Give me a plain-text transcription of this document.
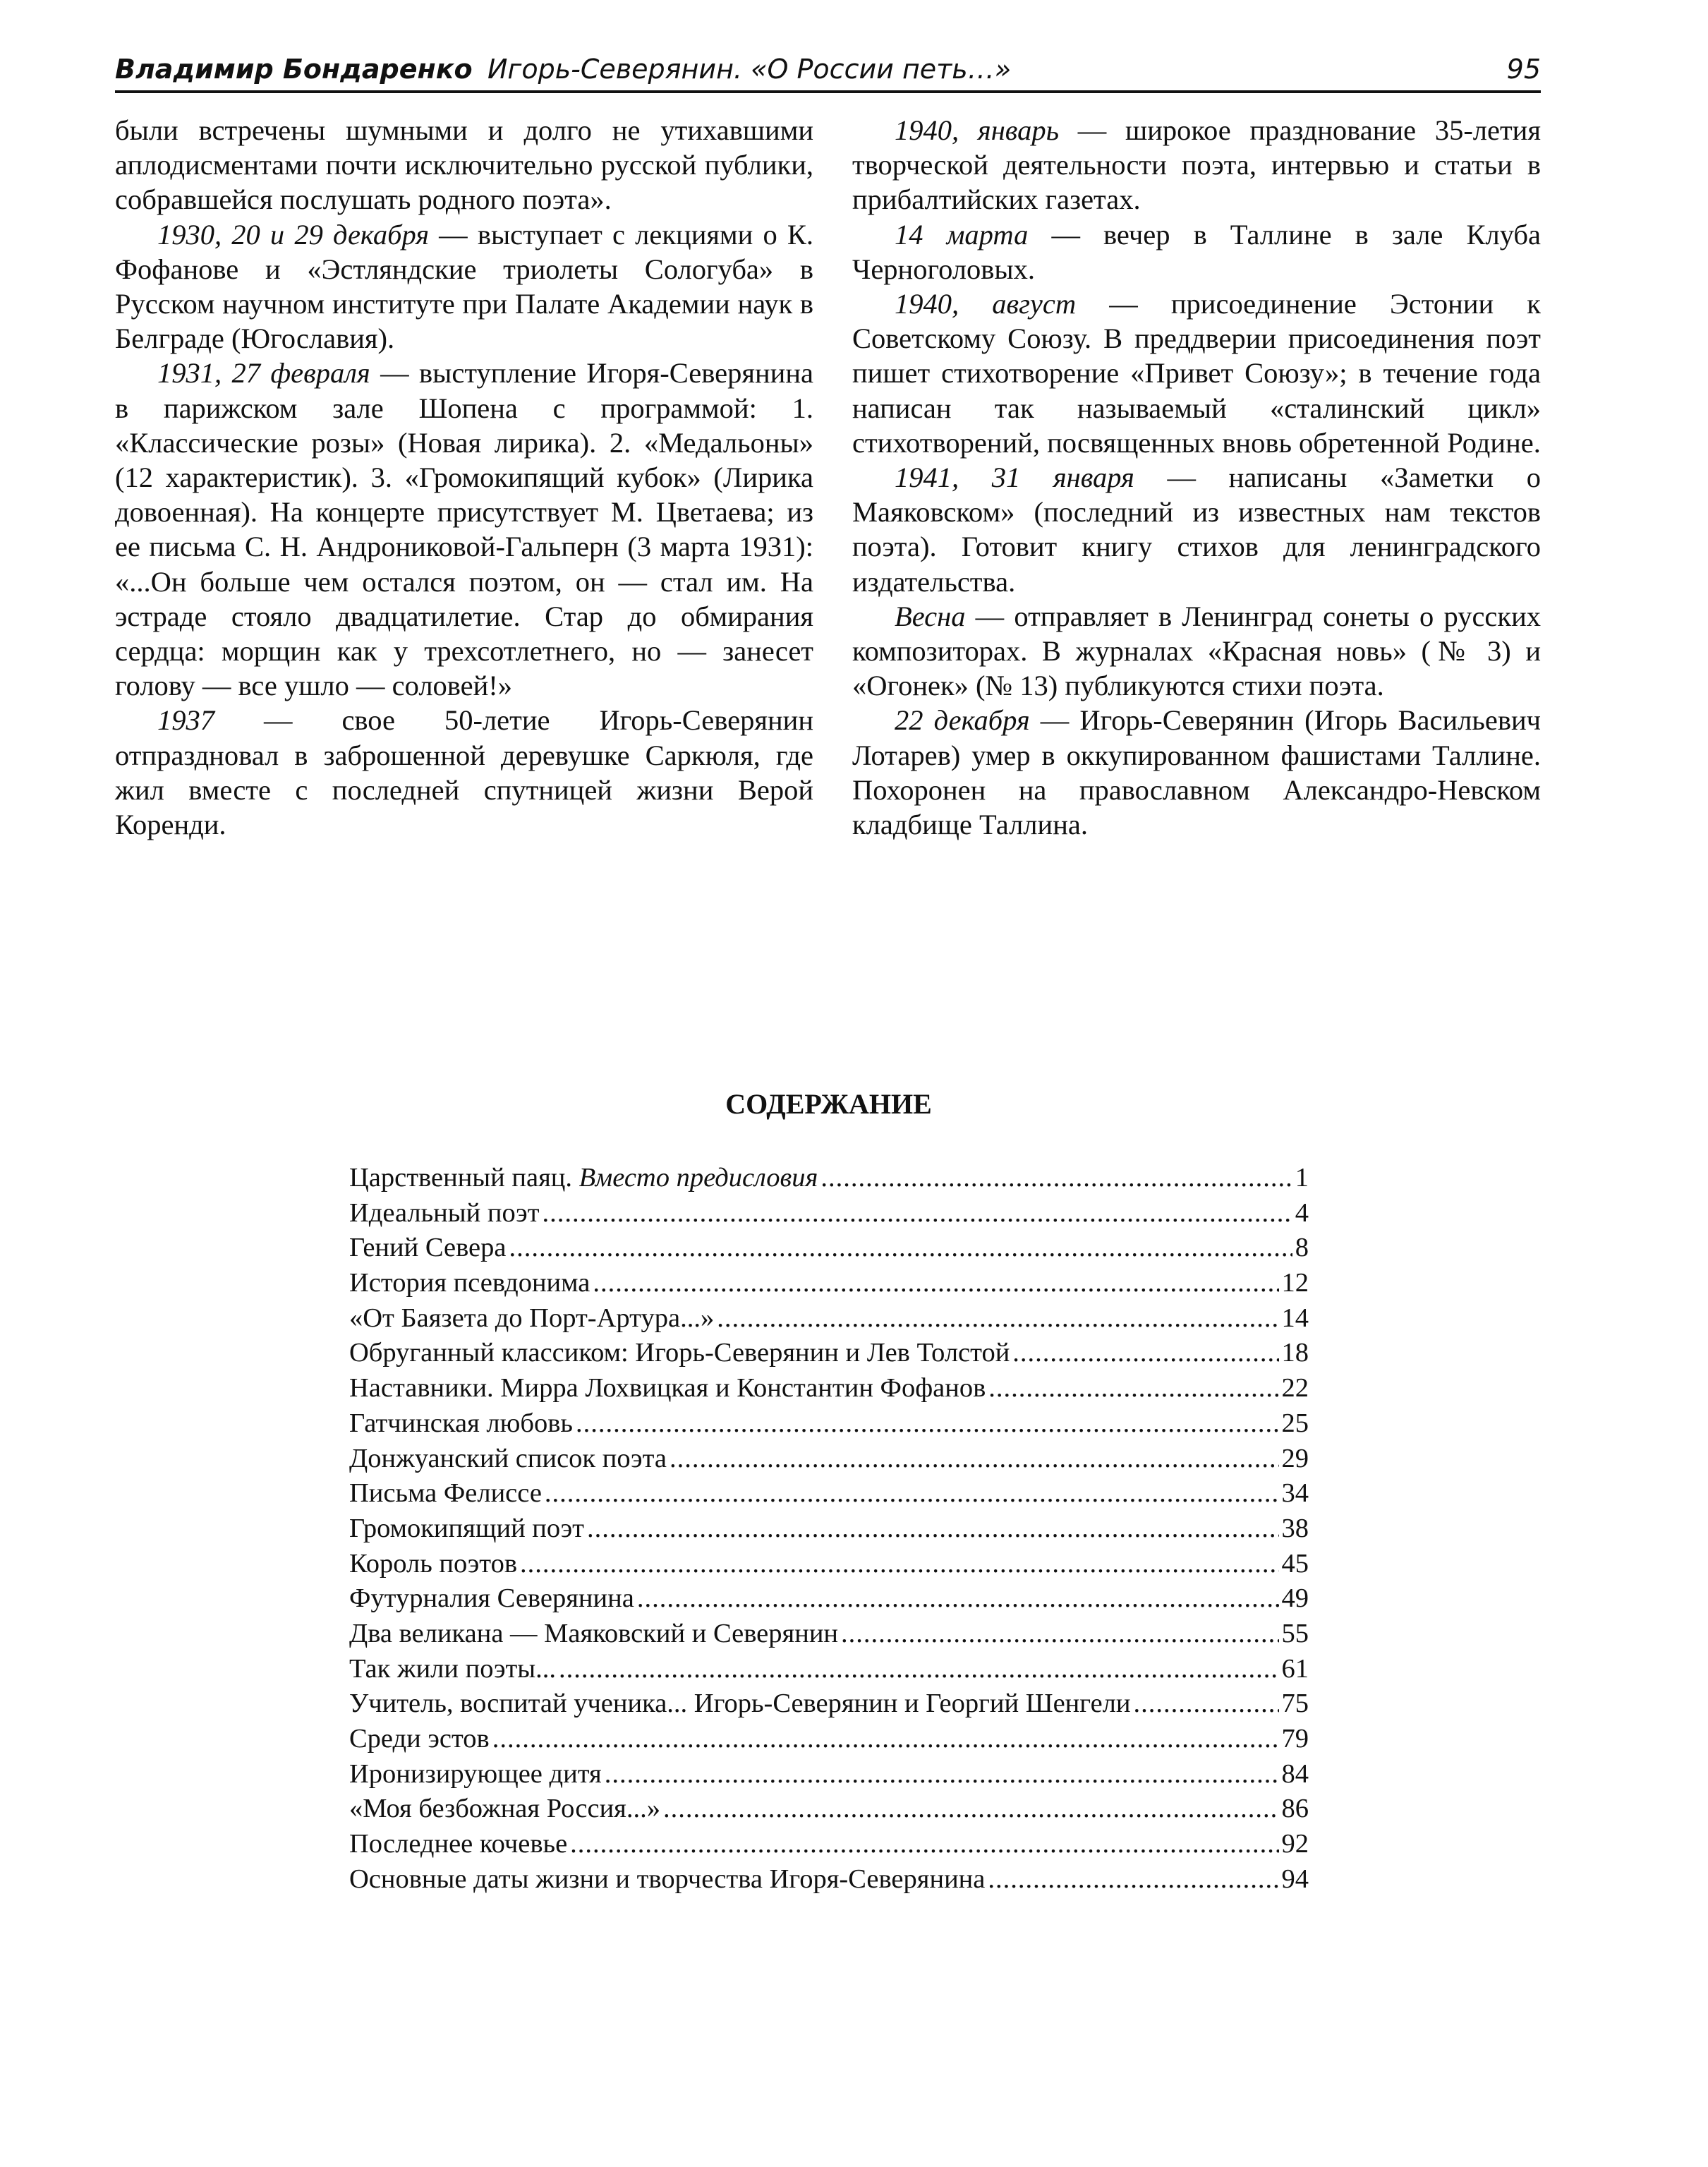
Владимир Бондаренко Игорь-Северянин. «О России петь…»	95

были встречены шумными и долго не утихавшими аплодисментами почти исключительно русской публики, собравшейся послушать родного поэта».

1930, 20 и 29 декабря — выступает с лекциями о К. Фофанове и «Эстляндские триолеты Сологуба» в Русском научном институте при Палате Академии наук в Белграде (Югославия).

1931, 27 февраля — выступление Игоря-Северянина в парижском зале Шопена с программой: 1. «Классические розы» (Новая лирика). 2. «Медальоны» (12 характеристик). 3. «Громокипящий кубок» (Лирика довоенная). На концерте присутствует М. Цветаева; из ее письма С. Н. Андрониковой-Гальперн (3 марта 1931): «...Он больше чем остался поэтом, он — стал им. На эстраде стояло двадцатилетие. Стар до обмирания сердца: морщин как у трехсотлетнего, но — занесет голову — все ушло — соловей!»

1937 — свое 50-летие Игорь-Северянин отпраздновал в заброшенной деревушке Саркюля, где жил вместе с последней спутницей жизни Верой Коренди.

1940, январь — широкое празднование 35-летия творческой деятельности поэта, интервью и статьи в прибалтийских газетах.

14 марта — вечер в Таллине в зале Клуба Черноголовых.

1940, август — присоединение Эстонии к Советскому Союзу. В преддверии присоединения поэт пишет стихотворение «Привет Союзу»; в течение года написан так называемый «сталинский цикл» стихотворений, посвященных вновь обретенной Родине.

1941, 31 января — написаны «Заметки о Маяковском» (последний из известных нам текстов поэта). Готовит книгу стихов для ленинградского издательства.

Весна — отправляет в Ленинград сонеты о русских композиторах. В журналах «Красная новь» (№ 3) и «Огонек» (№ 13) публикуются стихи поэта.

22 декабря — Игорь-Северянин (Игорь Васильевич Лотарев) умер в оккупированном фашистами Таллине. Похоронен на православном Александро-Невском кладбище Таллина.

СОДЕРЖАНИЕ
Царственный паяц. Вместо предисловия .....	1
Идеальный поэт .....	4
Гений Севера .....	8
История псевдонима .....	12
«От Баязета до Порт-Артура...» .....	14
Обруганный классиком: Игорь-Северянин и Лев Толстой .....	18
Наставники. Мирра Лохвицкая и Константин Фофанов .....	22
Гатчинская любовь .....	25
Донжуанский список поэта .....	29
Письма Фелиссе .....	34
Громокипящий поэт .....	38
Король поэтов .....	45
Футурналия Северянина .....	49
Два великана — Маяковский и Северянин .....	55
Так жили поэты... .....	61
Учитель, воспитай ученика... Игорь-Северянин и Георгий Шенгели .....	75
Среди эстов .....	79
Иронизирующее дитя .....	84
«Моя безбожная Россия...» .....	86
Последнее кочевье .....	92
Основные даты жизни и творчества Игоря-Северянина .....	94
